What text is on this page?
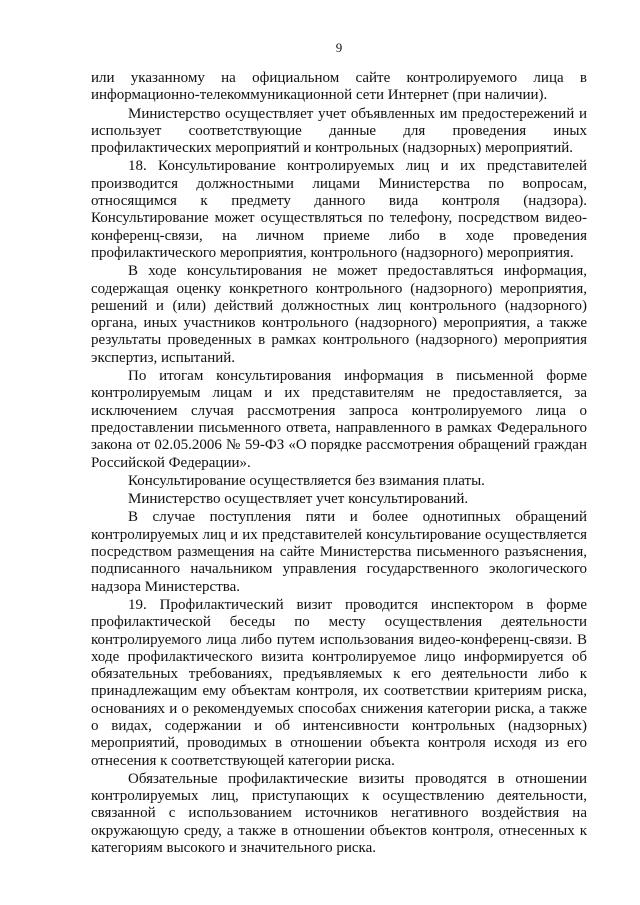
9

или указанному на официальном сайте контролируемого лица в информационно-телекоммуникационной сети Интернет (при наличии).

Министерство осуществляет учет объявленных им предостережений и использует соответствующие данные для проведения иных профилактических мероприятий и контрольных (надзорных) мероприятий.

18. Консультирование контролируемых лиц и их представителей производится должностными лицами Министерства по вопросам, относящимся к предмету данного вида контроля (надзора). Консультирование может осуществляться по телефону, посредством видео-конференц-связи, на личном приеме либо в ходе проведения профилактического мероприятия, контрольного (надзорного) мероприятия.

В ходе консультирования не может предоставляться информация, содержащая оценку конкретного контрольного (надзорного) мероприятия, решений и (или) действий должностных лиц контрольного (надзорного) органа, иных участников контрольного (надзорного) мероприятия, а также результаты проведенных в рамках контрольного (надзорного) мероприятия экспертиз, испытаний.

По итогам консультирования информация в письменной форме контролируемым лицам и их представителям не предоставляется, за исключением случая рассмотрения запроса контролируемого лица о предоставлении письменного ответа, направленного в рамках Федерального закона от 02.05.2006 № 59-ФЗ «О порядке рассмотрения обращений граждан Российской Федерации».

Консультирование осуществляется без взимания платы.

Министерство осуществляет учет консультирований.

В случае поступления пяти и более однотипных обращений контролируемых лиц и их представителей консультирование осуществляется посредством размещения на сайте Министерства письменного разъяснения, подписанного начальником управления государственного экологического надзора Министерства.

19. Профилактический визит проводится инспектором в форме профилактической беседы по месту осуществления деятельности контролируемого лица либо путем использования видео-конференц-связи. В ходе профилактического визита контролируемое лицо информируется об обязательных требованиях, предъявляемых к его деятельности либо к принадлежащим ему объектам контроля, их соответствии критериям риска, основаниях и о рекомендуемых способах снижения категории риска, а также о видах, содержании и об интенсивности контрольных (надзорных) мероприятий, проводимых в отношении объекта контроля исходя из его отнесения к соответствующей категории риска.

Обязательные профилактические визиты проводятся в отношении контролируемых лиц, приступающих к осуществлению деятельности, связанной с использованием источников негативного воздействия на окружающую среду, а также в отношении объектов контроля, отнесенных к категориям высокого и значительного риска.
